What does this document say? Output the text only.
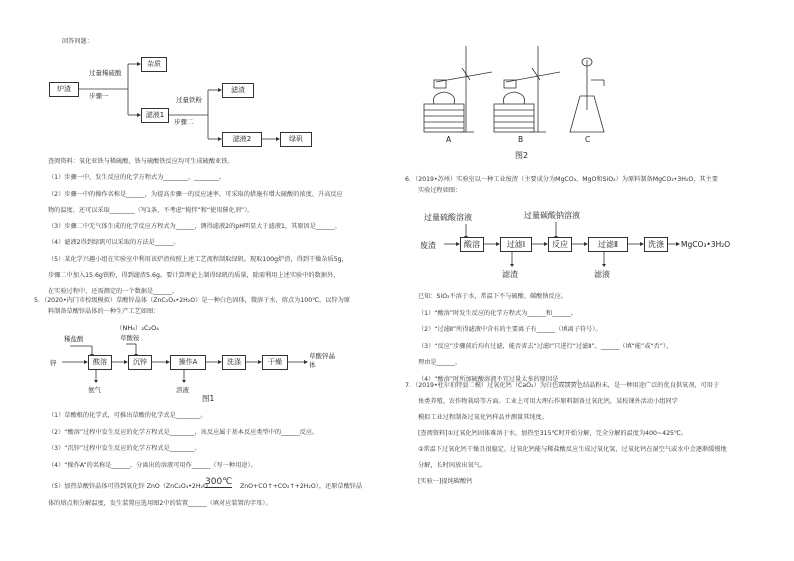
回答问题：
炉渣
过量稀硫酸
步骤一
杂质
滤液1
过量铁粉
步骤二
滤渣
滤液2	绿矾
查阅资料：氧化亚铁与稀硫酸、铁与硫酸铁反应均可生成硫酸亚铁。
（1）步骤一中，发生反应的化学方程式为________、________。
（2）步骤一中的操作名称是______，为提高步骤一的反应速率，可采取的措施有增大硫酸的浓度、升高反应
物的温度、还可以采取________（写1条，不考虑“搅拌”和“使用催化剂”）。
（3）步骤二中无气体生成的化学反应方程式为______，测得滤液2的pH明显大于滤液1，其原因是______。
（4）滤液2得到绿矾可以采取的方法是______。
（5）某化学兴趣小组在实验室中利用该炉渣按照上述工艺流程制取绿矾。现取100g炉渣，得到干燥杂质5g，
步骤二中加入15.6g铁粉，得到滤渣5.6g。要计算理论上制得绿矾的质量，除需利用上述实验中的数据外，
在实验过程中，还需测定的一个数据是______。
5．（2020•内门市校级模拟）草酸锌晶体（ZnC₂O₄•2H₂O）是一种白色固体，微溶于水，熔点为100℃。以锌为原
料制备草酸锌晶体的一种生产工艺如图：
锌
稀盐酸
（NH₄）₂C₂O₄
草酸铵
酸溶	沉锌	操作A	洗涤	干燥
草酸锌晶体
氨气	溶液
图1
（1）草酸根的化学式，可推出草酸的化学式是________。
（2）“酸溶”过程中发生反应的化学方程式是________，该反应属于基本反应类型中的______反应。
（3）“沉锌”过程中发生反应的化学方程式是________。
（4）“操作A”的名称是______，分离出的溶液可用作______（写一种用途）。
（5）加热草酸锌晶体可得到氧化锌 ZnO（ZnC₂O₄•2H₂O
300℃ ZnO+CO↑+CO₂↑+2H₂O），还原草酸锌晶
体的熔点和分解温度，发生装置应选用图2中的装置______（填对应装置的字母）。
A	B	C
图2
6．（2019•苏州）实验室以一种工业废渣（主要成分为MgCO₃、MgO和SiO₂）为原料制备MgCO₃•3H₂O，其主要
实验过程如图：
过量硫酸溶液	过量碳酸钠溶液
废渣	酸溶	过滤Ⅰ	反应	过滤Ⅱ	洗涤	MgCO₃•3H₂O
滤渣	滤液
已知：SiO₂不溶于水，常温下不与硫酸、碳酸钠反应。
（1）“酸溶”时发生反应的化学方程式为______和______。
（2）“过滤Ⅱ”所得滤液中含有的主要离子有______（填离子符号）。
（3）“反应”步骤前后均有过滤，能否省去“过滤Ⅰ”只进行“过滤Ⅱ”。______（填“能”或“否”），
理由是______。
（4）“酸溶”时所加硫酸溶液不宜过量太多的原因是______。
7．（2019•杜尔伯特县二模）过氧化钙（CaO₂）为白色或淡黄色结晶粉末，是一种用途广泛的优良供氧剂，可用于
鱼类养殖、农作物栽培等方面。工业上可用大理石作原料制备过氧化钙，某校课外活动小组同学
模拟工业过程制备过氧化钙样品并测量其纯度。
[查阅资料]①过氧化钙固体难溶于水，加热至315℃时开始分解，完全分解的温度为400~425℃。
②常温下过氧化钙干燥且很稳定。过氧化钙能与稀盐酸反应生成过氧化氢，过氧化钙在湿空气或水中会逐渐缓慢地
分解，长时间放出氧气。
[实验一]提纯碳酸钙
